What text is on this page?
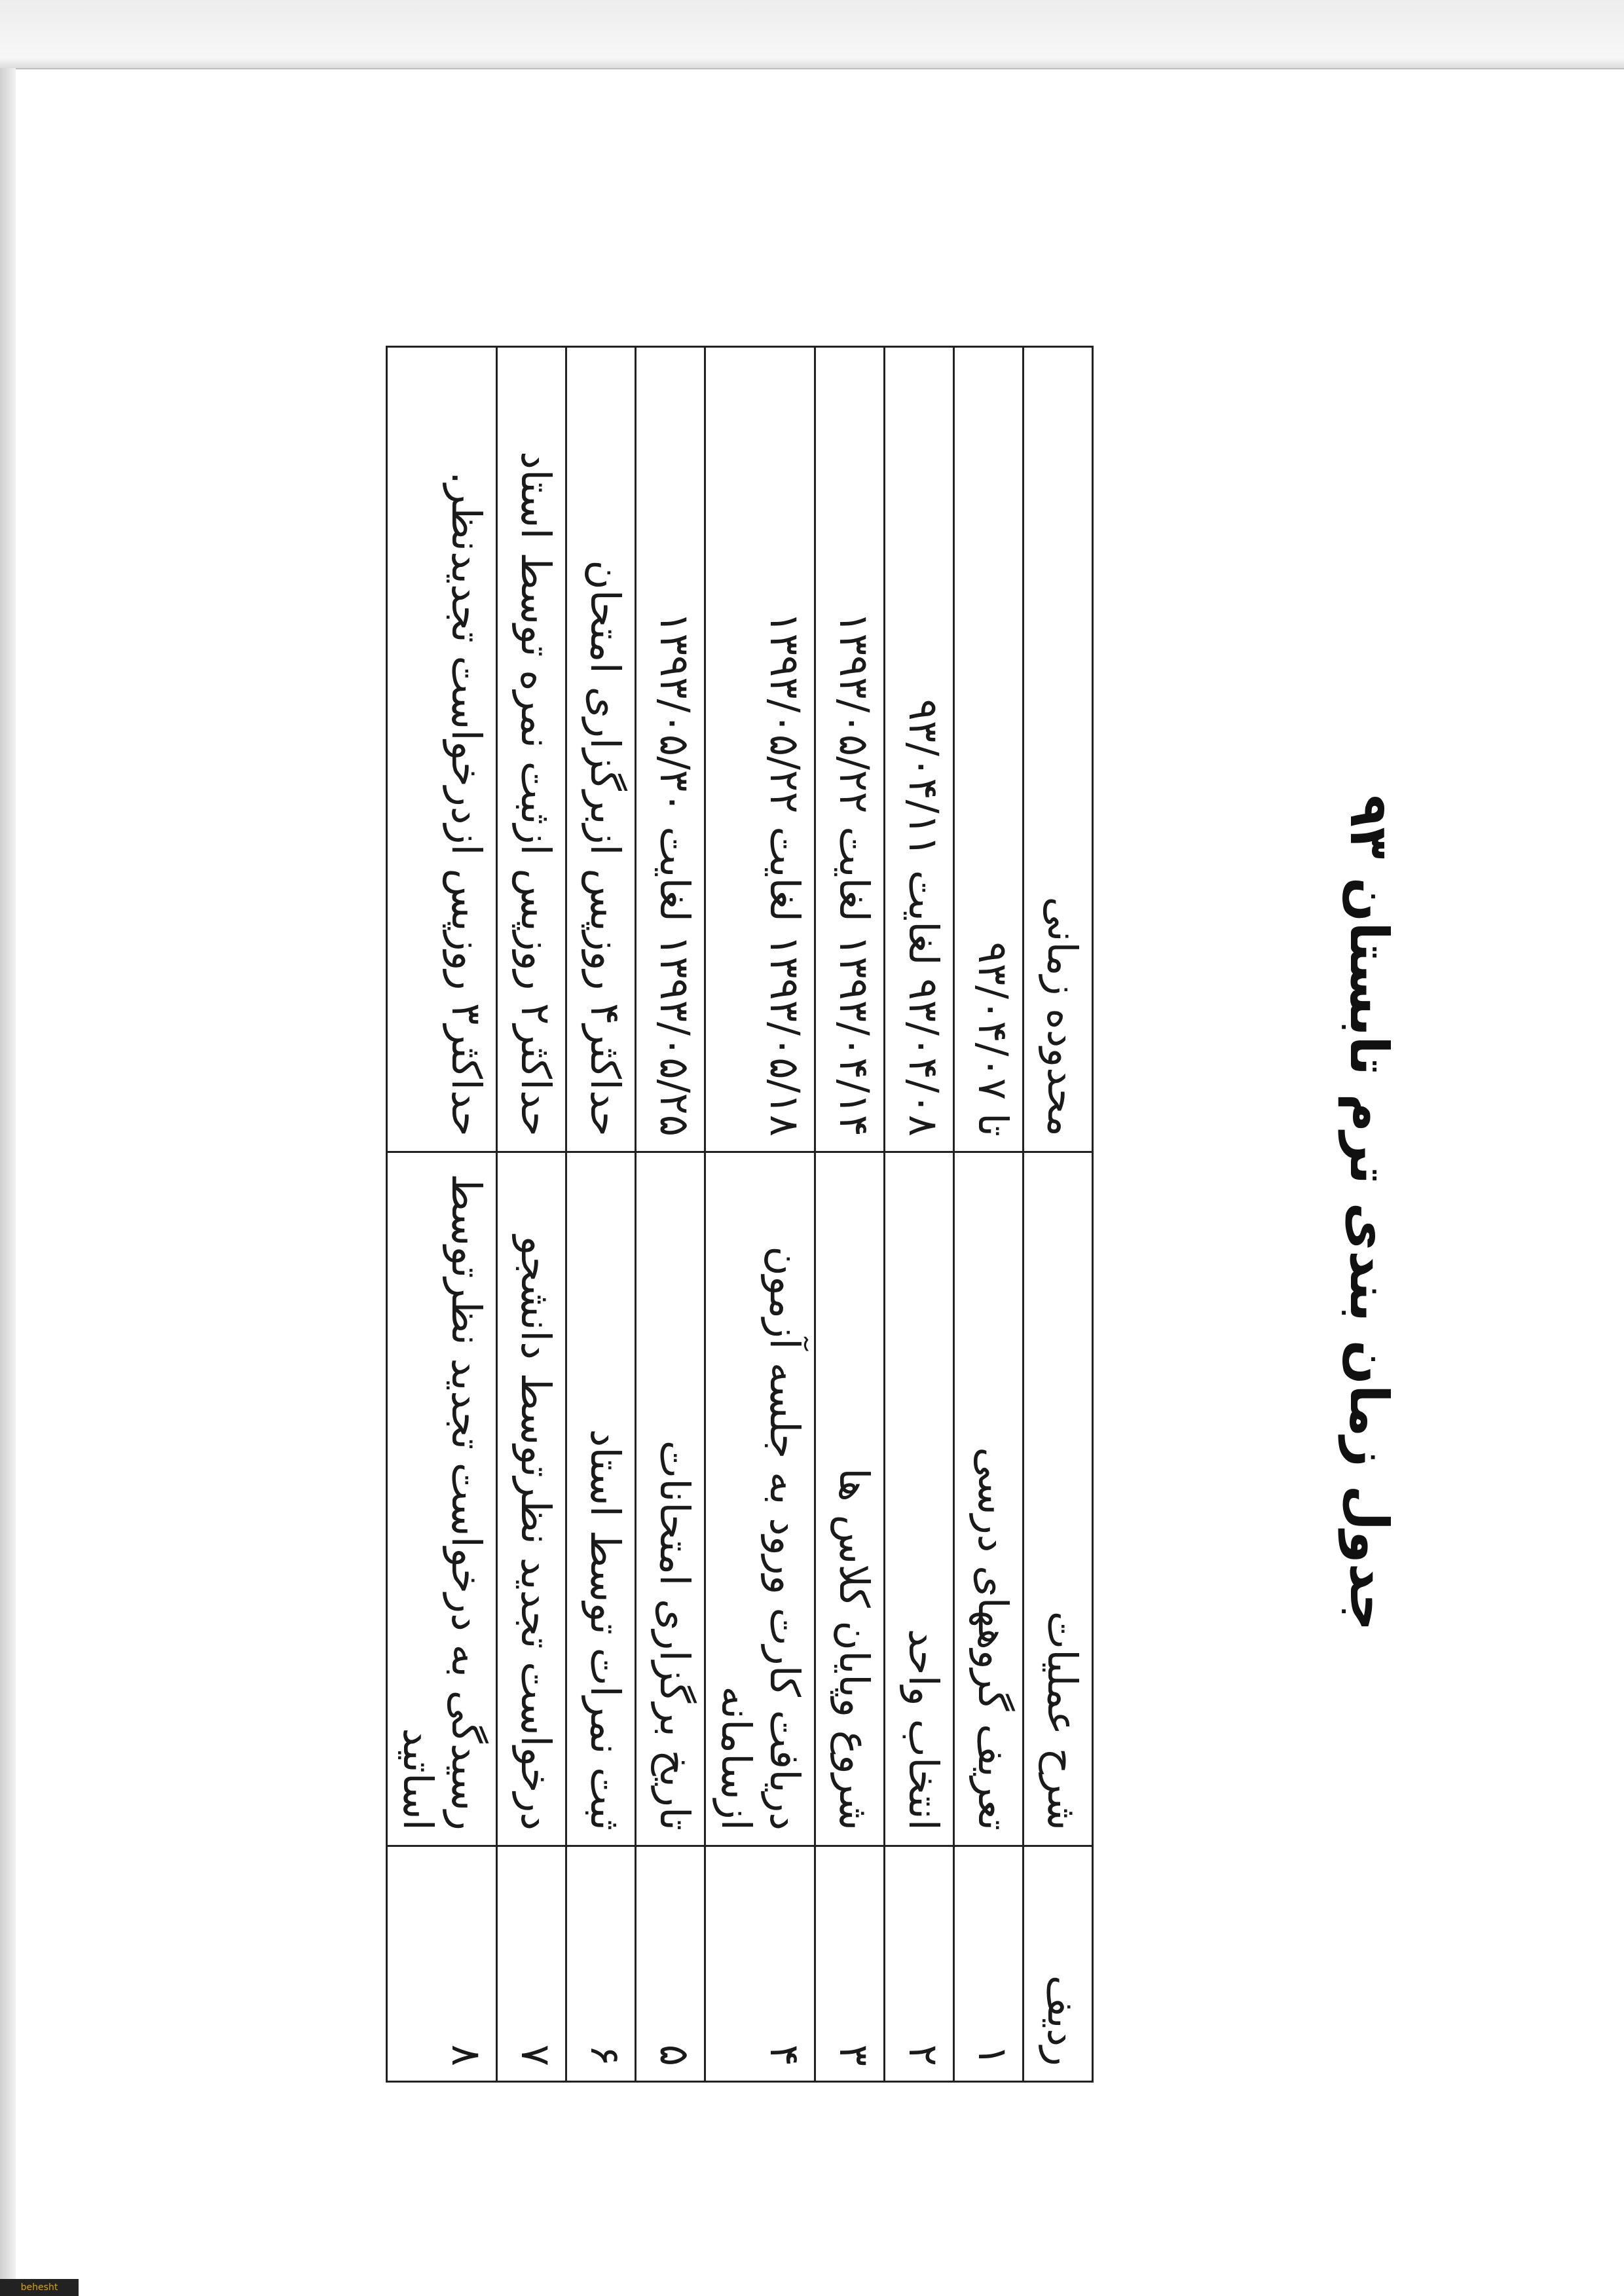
جدول زمان بندی ترم تابستان ۹۳
ردیف	شرح عملیات	محدوده زمانی
۱	تعریف گروههای درسی	تا ۹۳/۰۴/۰۷
۲	انتخاب واحد	۹۳/۰۴/۰۸ لغایت ۹۳/۰۴/۱۱
۳	شروع وپایان کلاس ها	۱۳۹۳/۰۴/۱۴ لغایت ۱۳۹۳/۰۵/۲۲
۴	دریافت کارت ورود به جلسه آزمون ازسامانه	۱۳۹۳/۰۵/۱۸ لغایت ۱۳۹۳/۰۵/۲۲
۵	تاریخ برگزاری امتحانات	۱۳۹۳/۰۵/۲۵ لغایت ۱۳۹۳/۰۵/۳۰
۶	ثبت نمرات توسط استاد	حداکثر۴ روزپس ازبرگزاری امتحان
۷	درخواست تجدید نظرتوسط دانشجو	حداکثر۲ روزپس ازثبت نمره توسط استاد
۸	رسیدگی به درخواست تجدید نظرتوسط اساتید	حداکثر۳ روزپس ازدرخواست تجدیدنظر.
behesht
